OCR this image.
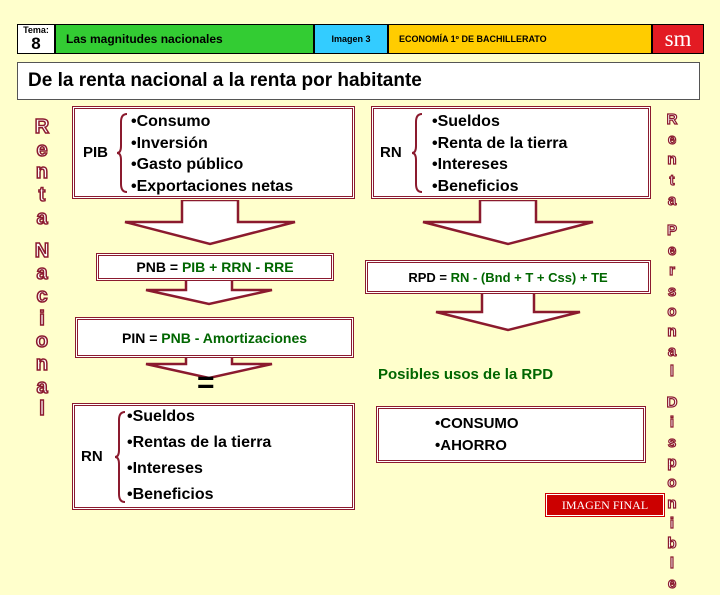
Tema:
8	Las magnitudes nacionales	Imagen 3	ECONOMÍA 1º DE BACHILLERATO	sm
De la renta nacional a la renta por habitante
R
e
n
t
a
N
a
c
i
o
n
a
l
R
e
n
t
a
P
e
r
s
o
n
a
l
D
i
s
p
o
n
i
b
l
e
PIB
•Consumo
•Inversión
•Gasto público
•Exportaciones netas
RN
•Sueldos
•Renta de la tierra
•Intereses
•Beneficios
PNB = PIB + RRN - RRE
PIN = PNB - Amortizaciones
RPD = RN - (Bnd + T + Css) + TE
=
RN
•Sueldos
•Rentas de la tierra
•Intereses
•Beneficios
Posibles usos de la RPD
•CONSUMO
•AHORRO
IMAGEN FINAL
